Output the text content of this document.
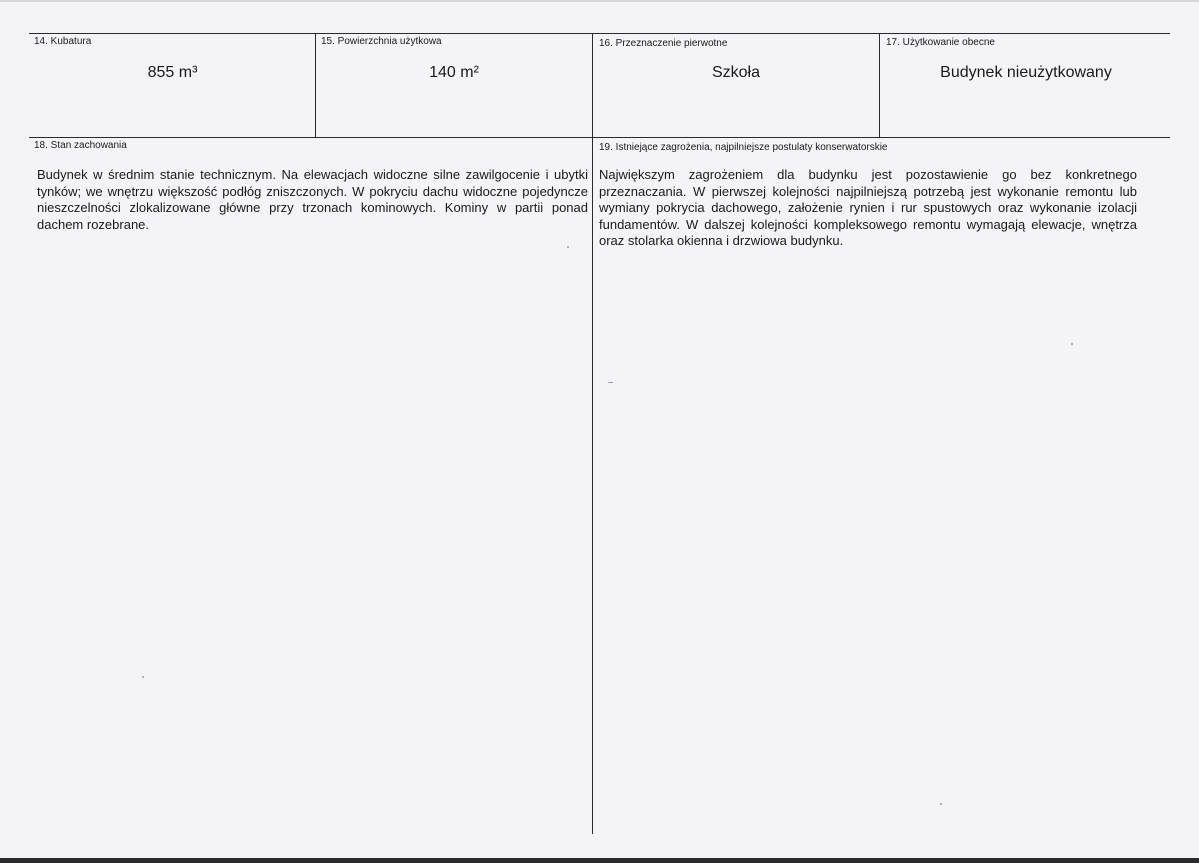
14. Kubatura
855 m³
15. Powierzchnia użytkowa
140 m²
16. Przeznaczenie pierwotne
Szkoła
17. Użytkowanie obecne
Budynek nieużytkowany
18. Stan zachowania

Budynek w średnim stanie technicznym. Na elewacjach widoczne silne zawilgocenie i ubytki tynków; we wnętrzu większość podłóg zniszczonych. W pokryciu dachu widoczne pojedyncze nieszczelności zlokalizowane główne przy trzonach kominowych. Kominy w partii ponad dachem rozebrane.

19. Istniejące zagrożenia, najpilniejsze postulaty konserwatorskie

Największym zagrożeniem dla budynku jest pozostawienie go bez konkretnego przeznaczania. W pierwszej kolejności najpilniejszą potrzebą jest wykonanie remontu lub wymiany pokrycia dachowego, założenie rynien i rur spustowych oraz wykonanie izolacji fundamentów. W dalszej kolejności kompleksowego remontu wymagają elewacje, wnętrza oraz stolarka okienna i drzwiowa budynku.
